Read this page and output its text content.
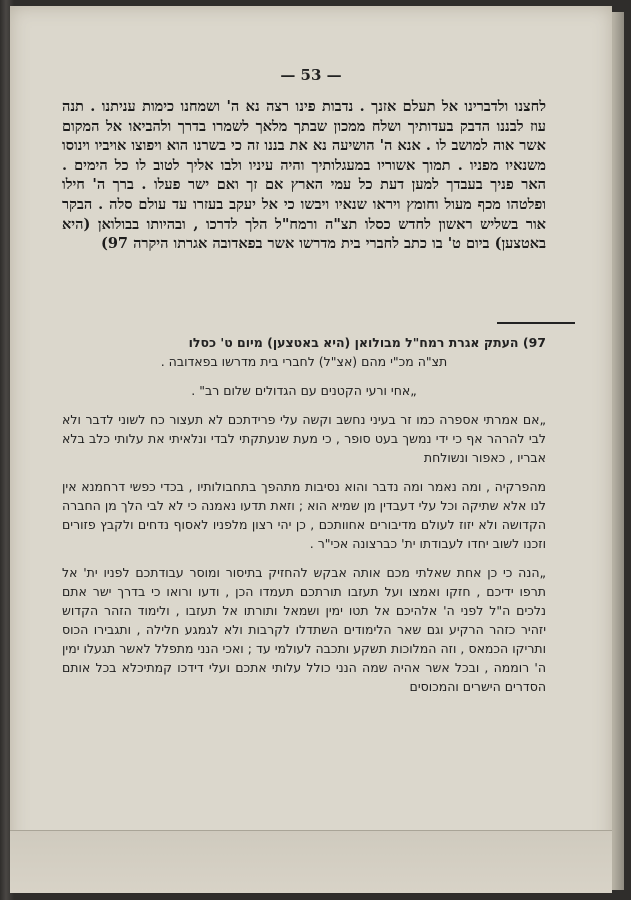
— 53 —

לחצנו ולדברינו אל תעלם אזנך . נדבות פינו רצה נא ה' ושמחנו כימות עניתנו . תנה עוז לבננו הדבק בעדותיך ושלח ממכון שבתך מלאך לשמרו בדרך ולהביאו אל המקום אשר אוה למושב לו . אנא ה' הושיעה נא את בננו זה כי בשרנו הוא ויפוצו אויביו וינוסו משנאיו מפניו . תמוך אשוריו במעגלותיך והיה עיניו ולבו אליך לטוב לו כל הימים . האר פניך בעבדך למען דעת כל עמי הארץ אם זך ואם ישר פעלו . ברך ה' חילו ופלטהו מכף מעול וחומץ ויראו שנאיו ויבשו כי אל יעקב בעזרו עד עולם סלה . הבקר אור בשליש ראשון לחדש כסלו תצ"ה ורמח"ל הלך לדרכו , ובהיותו בבולואן (היא באטצען) ביום ט' בו כתב לחברי בית מדרשו אשר בפאדובה אגרתו היקרה 97)

97) העתק אגרת רמח"ל מבולואן (היא באטצען) מיום ט' כסלו

תצ"ה מכ"י מהם (אצ"ל) לחברי בית מדרשו בפאדובה .

„אחי ורעי הקטנים עם הגדולים שלום רב" .

„אם אמרתי אספרה כמו זר בעיני נחשב וקשה עלי פרידתכם לא תעצור כח לשוני לדבר ולא לבי להרהר אף כי ידי נמשך בעט סופר , כי מעת שנעתקתי לבדי ונלאיתי את עלותי כלב בלא אבריו , כאפור ונשולחת

מהפרקיה , ומה נאמר ומה נדבר והוא נסיבות מתהפך בתחבולותיו , בכדי כפשי דרחמנא אין לנו אלא שתיקה וכל עלי דעבדין מן שמיא הוא ; וזאת תדעו נאמנה כי לא לבי הלך מן החברה הקדושה ולא יזוז לעולם מדיבורים אחוותכם , כן יהי רצון מלפניו לאסוף נדחים ולקבץ פזורים וזכנו לשוב יחדו לעבודתו ית' כברצונה אכי"ר .

„הנה כי כן אחת שאלתי מכם אותה אבקש להחזיק בתיסור ומוסר עבודתכם לפניו ית' אל תרפו ידיכם , חזקו ואמצו ועל תעזבו תורתכם תעמדו הכן , ודעו ורואו כי בדרך ישר אתם נלכים ה"ל לפני ה' אלהיכם אל תטו ימין ושמאל ותורתו אל תעזבו , ולימוד הזהר הקדוש יזהיר כזהר הרקיע וגם שאר הלימודים השתדלו לקרבות ולא לגמגע חלילה , ותגבירו הכוס ותריקו הכמאס , וזה המלוכות תשקע ותכבה לעולמי עד ; ואכי הנני מתפלל לאשר תגעלו ימין ה' רוממה , ובכל אשר אהיה שמה הנני כולל עלותי אתכם ועלי דידכו קמתיכלא בכל אותם הסדרים הישרים והמכוסים
